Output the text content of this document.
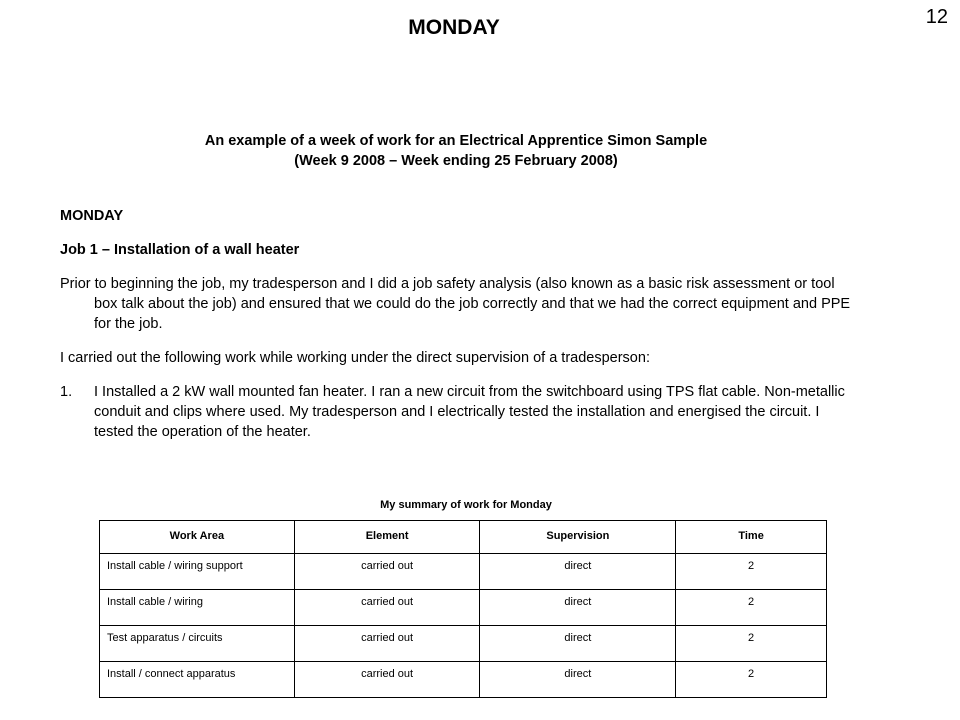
12
MONDAY
An example of a week of work for an Electrical Apprentice Simon Sample
(Week 9 2008 – Week ending 25 February 2008)

MONDAY

Job 1 – Installation of a wall heater

Prior to beginning the job, my tradesperson and I did a job safety analysis (also known as a basic risk assessment or tool box talk about the job) and ensured that we could do the job correctly and that we had the correct equipment and PPE for the job.

I carried out the following work while working under the direct supervision of a tradesperson:

1. I Installed a 2 kW wall mounted fan heater. I ran a new circuit from the switchboard using TPS flat cable. Non-metallic conduit and clips where used. My tradesperson and I electrically tested the installation and energised the circuit. I tested the operation of the heater.
My summary of work for Monday
Work Area	Element	Supervision	Time
Install cable / wiring support	carried out	direct	2
Install cable / wiring	carried out	direct	2
Test apparatus / circuits	carried out	direct	2
Install / connect apparatus	carried out	direct	2
